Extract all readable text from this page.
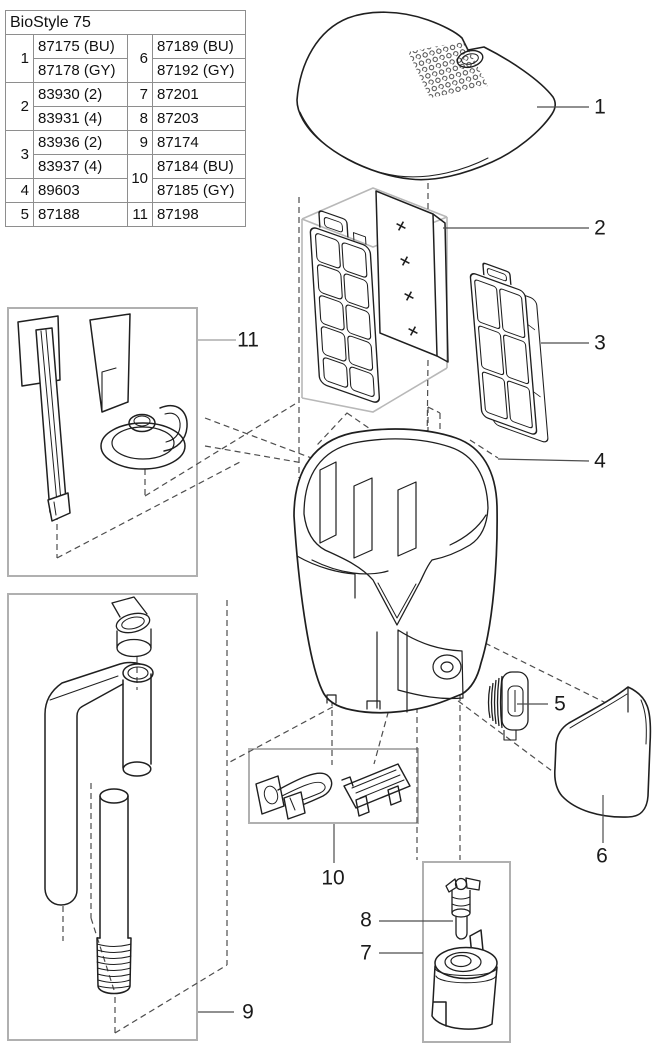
BioStyle 75			
1	87175 (BU)	6	87189 (BU)
	87178 (GY)		87192 (GY)
2	83930 (2)	7	87201
	83931 (4)	8	87203
3	83936 (2)	9	87174
	83937 (4)	10	87184 (BU)
4	89603		87185 (GY)
5	87188	11	87198
1
2
3
4
5
6
7
8
9
10
11
